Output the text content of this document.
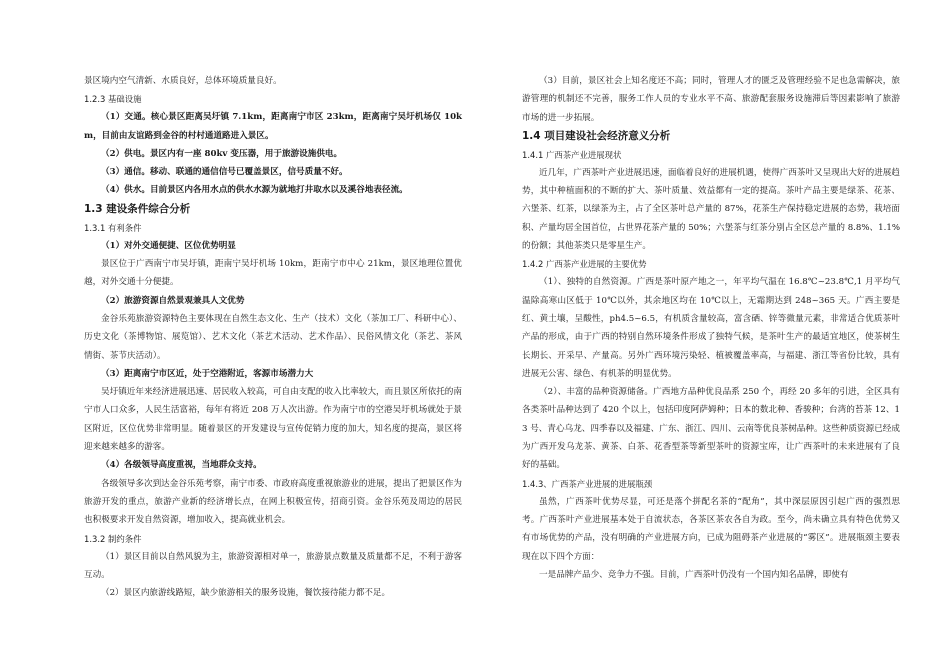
景区境内空气清新、水质良好，总体环境质量良好。

1.2.3 基础设施

（1）交通。核心景区距离吴圩镇 7.1km，距离南宁市区 23km，距离南宁吴圩机场仅 10km，目前由友谊路到金谷的村村通道路进入景区。

（2）供电。景区内有一座 80kv 变压器，用于旅游设施供电。

（3）通信。移动、联通的通信信号已覆盖景区，信号质量不好。

（4）供水。目前景区内各用水点的供水水源为就地打井取水以及溪谷地表径流。

1.3 建设条件综合分析

1.3.1 有利条件

（1）对外交通便捷、区位优势明显

景区位于广西南宁市吴圩镇，距南宁吴圩机场 10km，距南宁市中心 21km，景区地理位置优越，对外交通十分便捷。

（2）旅游资源自然景观兼具人文优势

金谷乐苑旅游资源特色主要体现在自然生态文化、生产（技术）文化（茶加工厂、科研中心）、历史文化（茶博物馆、展览馆）、艺术文化（茶艺术活动、艺术作品）、民俗风情文化（茶艺、茶风情街、茶节庆活动）。

（3）距离南宁市区近，处于空港附近，客源市场潜力大

吴圩镇近年来经济进展迅速、居民收入较高，可自由支配的收入比率较大，而且景区所依托的南宁市人口众多，人民生活富裕，每年有将近 208 万人次出游。作为南宁市的空港吴圩机场就处于景区附近，区位优势非常明显。随着景区的开发建设与宣传促销力度的加大，知名度的提高，景区将迎来越来越多的游客。

（4）各级领导高度重视，当地群众支持。

各级领导多次到达金谷乐苑考察，南宁市委、市政府高度重视旅游业的进展，提出了把景区作为旅游开发的重点，旅游产业新的经济增长点，在网上积极宣传，招商引资。金谷乐苑及周边的居民也积极要求开发自然资源，增加收入，提高就业机会。

1.3.2 制约条件

（1）景区目前以自然风貌为主，旅游资源相对单一，旅游景点数量及质量都不足，不利于游客互动。

（2）景区内旅游线路短，缺少旅游相关的服务设施，餐饮接待能力都不足。

（3）目前，景区社会上知名度还不高；同时，管理人才的匮乏及管理经验不足也急需解决，旅游管理的机制还不完善，服务工作人员的专业水平不高、旅游配套服务设施滞后等因素影响了旅游市场的进一步拓展。

1.4 项目建设社会经济意义分析

1.4.1 广西茶产业进展现状

近几年，广西茶叶产业进展迅速，面临着良好的进展机遇，使得广西茶叶又呈现出大好的进展趋势，其中种植面积的不断的扩大、茶叶质量、效益都有一定的提高。茶叶产品主要是绿茶、花茶、六堡茶、红茶，以绿茶为主，占了全区茶叶总产量的 87%，花茶生产保持稳定进展的态势，栽培面积、产量均居全国首位，占世界花茶产量的 50%；六堡茶与红茶分别占全区总产量的 8.8%、1.1%的份额；其他茶类只是零星生产。

1.4.2 广西茶产业进展的主要优势

（1）、独特的自然资源。广西是茶叶原产地之一，年平均气温在 16.8℃~23.8℃,1 月平均气温除高寒山区低于 10℃以外，其余地区均在 10℃以上，无霜期达到 248~365 天。广西主要是红、黄土壤，呈酸性，ph4.5~6.5，有机质含量较高，富含硒、锌等微量元素，非常适合优质茶叶产品的形成，由于广西的特别自然环境条件形成了独特气候，是茶叶生产的最适宜地区，使茶树生长期长、开采早、产量高。另外广西环境污染轻、植被覆盖率高，与福建、浙江等省份比较，具有进展无公害、绿色、有机茶的明显优势。

（2）、丰富的品种资源储备。广西地方品种优良品系 250 个，再经 20 多年的引进，全区具有各类茶叶品种达到了 420 个以上，包括印度阿萨姆种；日本的数北种、香骏种；台湾的苔茶 12、13 号、青心乌龙、四季春以及福建、广东、浙江、四川、云南等优良茶树品种。这些种质资源已经成为广西开发乌龙茶、黄茶、白茶、花香型茶等新型茶叶的资源宝库，让广西茶叶的未来进展有了良好的基础。

1.4.3、广西茶产业进展的进展瓶颈

虽然，广西茶叶优势尽显，可还是落个拼配名茶的“配角”，其中深层原因引起广西的强烈思考。广西茶叶产业进展基本处于自流状态，各茶区茶农各自为政。至今，尚未确立具有特色优势又有市场优势的产品，没有明确的产业进展方向，已成为阻碍茶产业进展的“雾区”。进展瓶颈主要表现在以下四个方面：

一是品牌产品少、竞争力不强。目前，广西茶叶仍没有一个国内知名品牌，即使有
